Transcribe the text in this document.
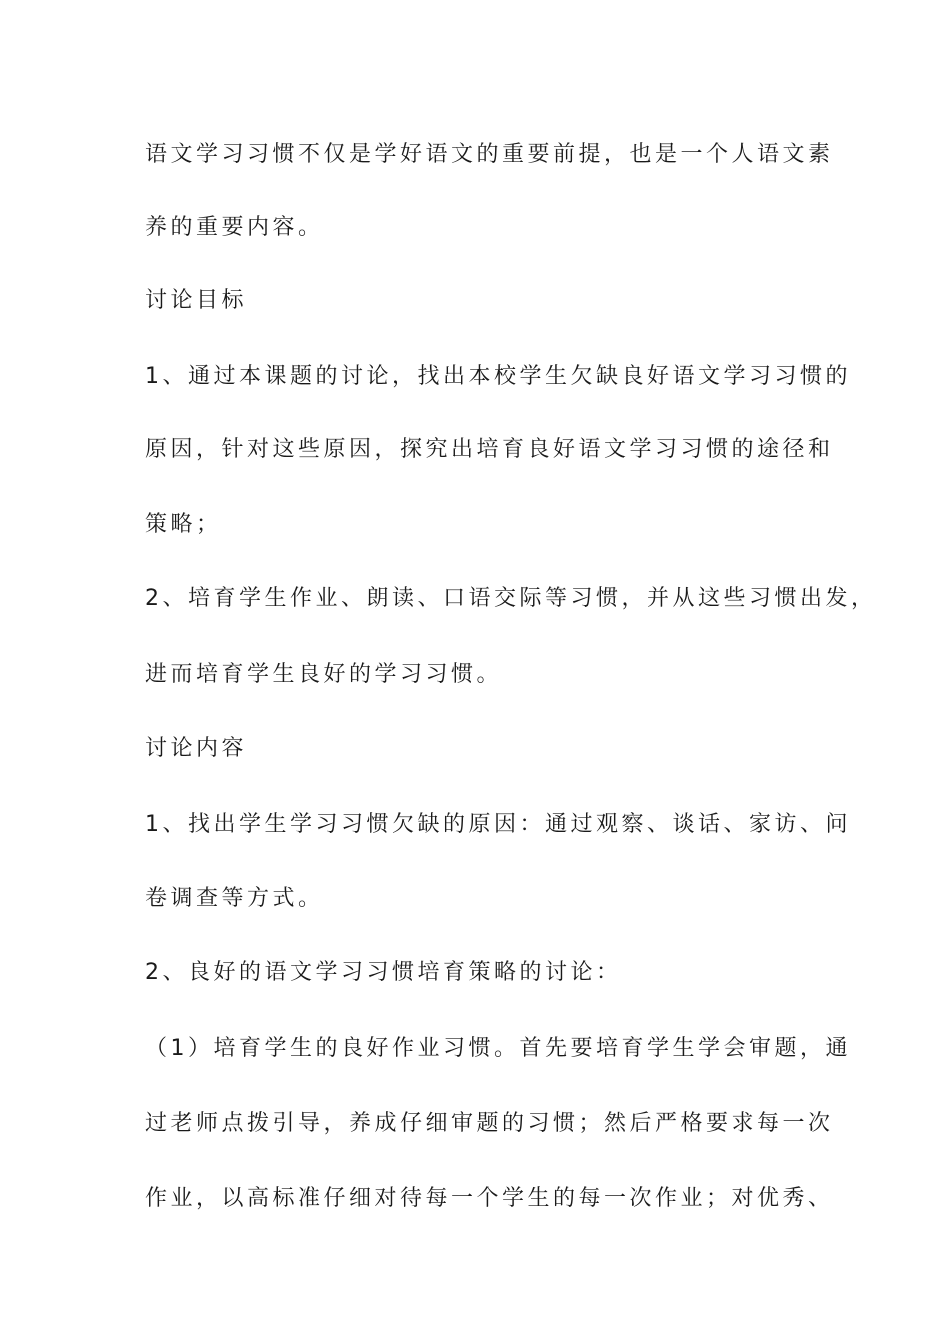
语文学习习惯不仅是学好语文的重要前提，也是一个人语文素
养的重要内容。
讨论目标
1、通过本课题的讨论，找出本校学生欠缺良好语文学习习惯的
原因，针对这些原因，探究出培育良好语文学习习惯的途径和
策略；
2、培育学生作业、朗读、口语交际等习惯，并从这些习惯出发，
进而培育学生良好的学习习惯。
讨论内容
1、找出学生学习习惯欠缺的原因：通过观察、谈话、家访、问
卷调查等方式。
2、良好的语文学习习惯培育策略的讨论：
（1）培育学生的良好作业习惯。首先要培育学生学会审题，通
过老师点拨引导，养成仔细审题的习惯；然后严格要求每一次
作业，以高标准仔细对待每一个学生的每一次作业；对优秀、
